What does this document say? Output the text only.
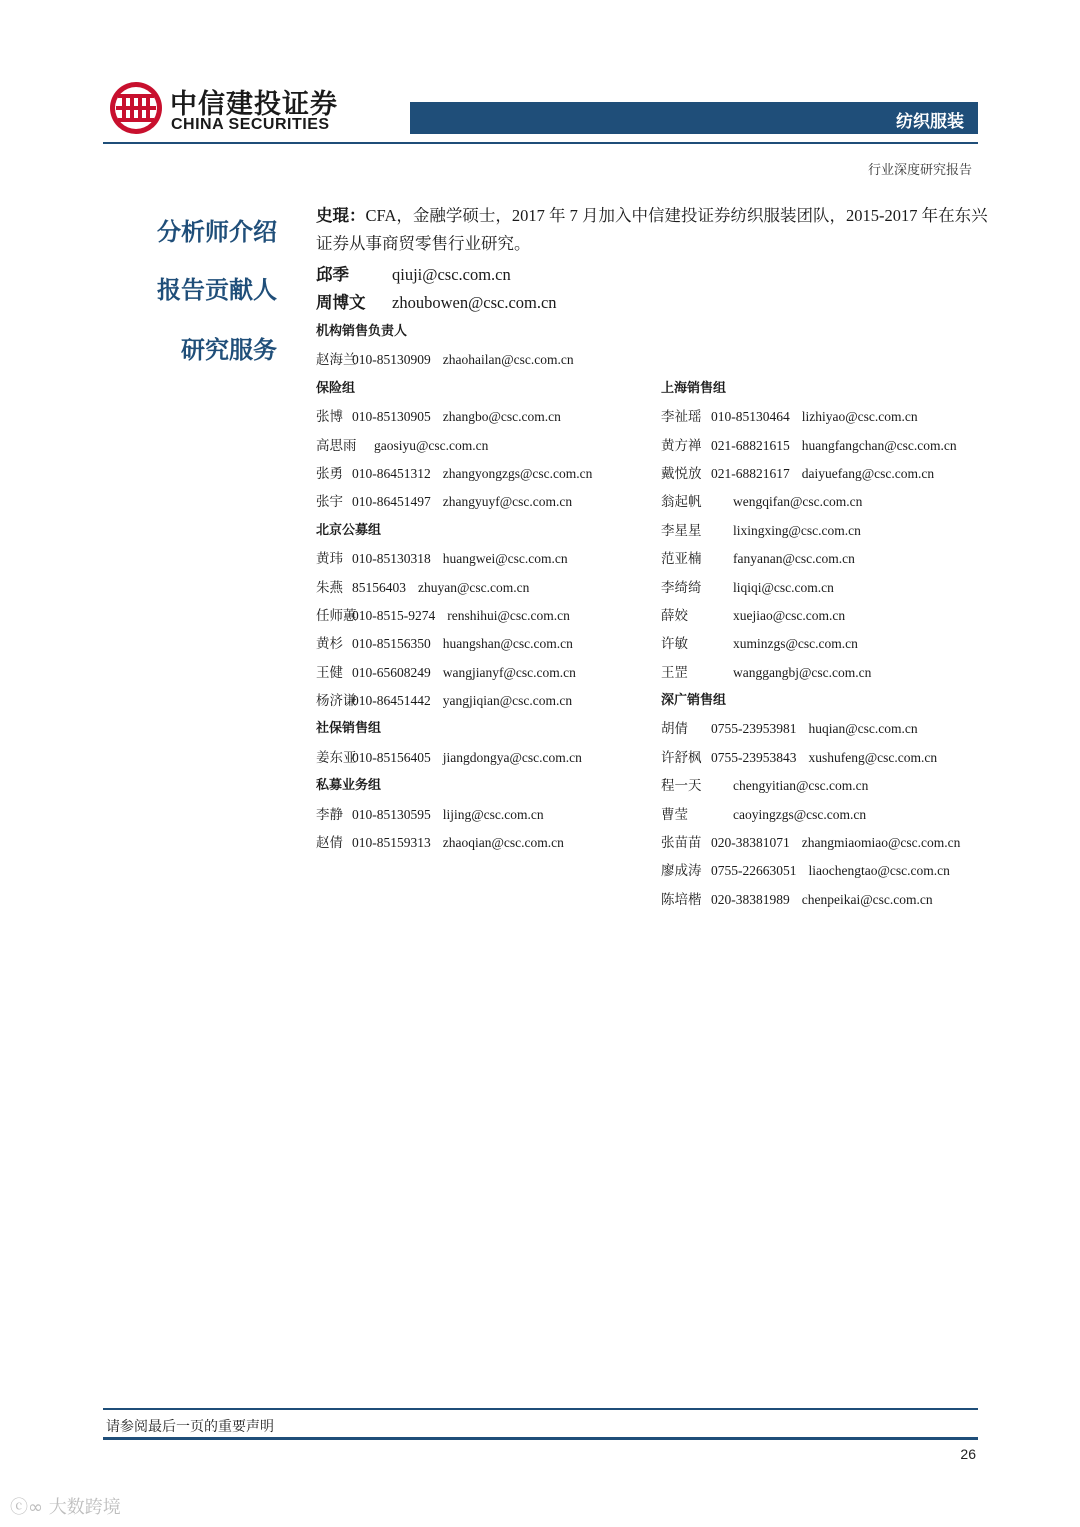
中信建投证券
CHINA SECURITIES	纺织服装
行业深度研究报告
分析师介绍
报告贡献人
研究服务
史琨：CFA，金融学硕士，2017 年 7 月加入中信建投证券纺织服装团队，2015-2017 年在东兴证券从事商贸零售行业研究。
邱季	qiuji@csc.com.cn
周博文 zhoubowen@csc.com.cn
机构销售负责人
赵海兰010-85130909 zhaohailan@csc.com.cn
保险组
张博 010-85130905 zhangbo@csc.com.cn
高思雨 gaosiyu@csc.com.cn
张勇 010-86451312 zhangyongzgs@csc.com.cn
张宇 010-86451497 zhangyuyf@csc.com.cn
北京公募组
黄玮 010-85130318 huangwei@csc.com.cn
朱燕 85156403 zhuyan@csc.com.cn
任师蕙010-8515-9274 renshihui@csc.com.cn
黄杉 010-85156350 huangshan@csc.com.cn
王健 010-65608249 wangjianyf@csc.com.cn
杨济谦010-86451442 yangjiqian@csc.com.cn
社保销售组
姜东亚010-85156405 jiangdongya@csc.com.cn
私募业务组
李静 010-85130595 lijing@csc.com.cn
赵倩 010-85159313 zhaoqian@csc.com.cn
上海销售组
李祉瑶 010-85130464 lizhiyao@csc.com.cn
黄方禅 021-68821615 huangfangchan@csc.com.cn
戴悦放 021-68821617 daiyuefang@csc.com.cn
翁起帆 wengqifan@csc.com.cn
李星星 lixingxing@csc.com.cn
范亚楠 fanyanan@csc.com.cn
李绮绮 liqiqi@csc.com.cn
薛姣	xuejiao@csc.com.cn
许敏	xuminzgs@csc.com.cn
王罡	wanggangbj@csc.com.cn
深广销售组
胡倩 0755-23953981 huqian@csc.com.cn
许舒枫 0755-23953843 xushufeng@csc.com.cn
程一天 chengyitian@csc.com.cn
曹莹	caoyingzgs@csc.com.cn
张苗苗 020-38381071 zhangmiaomiao@csc.com.cn
廖成涛 0755-22663051 liaochengtao@csc.com.cn
陈培楷 020-38381989 chenpeikai@csc.com.cn
请参阅最后一页的重要声明
26
ⓒ∞ 大数跨境
